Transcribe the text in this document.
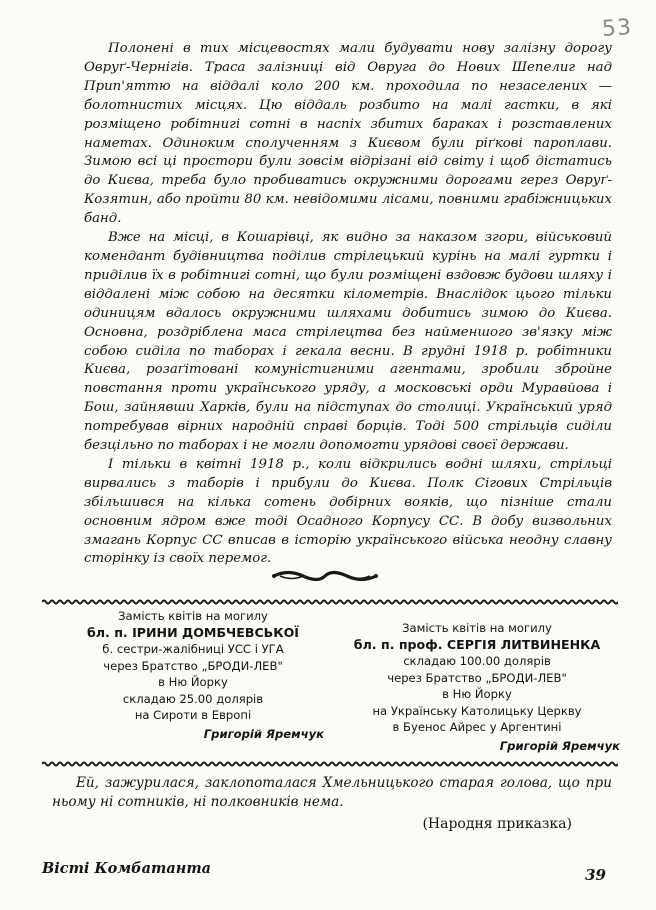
53

Полонені в тих місцевостях мали будувати нову залізну дорогу Овруґ-Чернігів. Траса залізниці від Овруга до Нових Шепелиг над Прип'яттю на віддалі коло 200 км. проходила по незаселених — болотнистих місцях. Цю віддаль розбито на малі гастки, в які розміщено робітнигі сотні в наспіх збитих бараках і розставлених наметах. Одиноким сполученням з Києвом були ріґкові пароплави. Зимою всі ці простори були зовсім відрізані від світу і щоб дістатись до Києва, треба було пробиватись окружними дорогами герез Овруґ-Козятин, або пройти 80 км. невідомими лісами, повними грабіжницьких банд.

Вже на місці, в Кошарівці, як видно за наказом згори, військовий комендант будівництва поділив стрілецький курінь на малі гуртки і приділив їх в робітнигі сотні, що були розміщені вздовж будови шляху і віддалені між собою на десятки кілометрів. Внаслідок цього тільки одиницям вдалось окружними шляхами добитись зимою до Києва. Основна, роздріблена маса стрілецтва без найменшого зв'язку між собою сиділа по таборах і гекала весни. В грудні 1918 р. робітники Києва, розаґітовані комуністигними агентами, зробили збройне повстання проти українського уряду, а московські орди Муравйова і Бош, зайнявши Харків, були на підступах до столиці. Український уряд потребував вірних народній справі борців. Тоді 500 стрільців сиділи безцільно по таборах і не могли допомогти урядові своєї держави.

І тільки в квітні 1918 р., коли відкрились водні шляхи, стрільці вирвались з таборів і прибули до Києва. Полк Сігових Стрільців збільшився на кілька сотень добірних вояків, що пізніше стали основним ядром вже тоді Осадного Корпусу СС. В добу визвольних змагань Корпус СС вписав в історію українського війська неодну славну сторінку із своїх перемог.

Замість квітів на могилу
бл. п. ІРИНИ ДОМБЧЕВСЬКОЇ
б. сестри-жалібниці УСС і УГА
через Братство „БРОДИ-ЛЕВ"
в Ню Йорку
складаю 25.00 долярів
на Сироти в Европі
Григорій Яремчук
Замість квітів на могилу
бл. п. проф. СЕРГІЯ ЛИТВИНЕНКА
складаю 100.00 долярів
через Братство „БРОДИ-ЛЕВ"
в Ню Йорку
на Українську Католицьку Церкву
в Буенос Айрес у Аргентині
Григорій Яремчук

Ей, зажурилася, заклопоталася Хмельницького старая голова, що при ньому ні сотників, ні полковників нема.

(Народня приказка)
Вісті Комбатанта	39
